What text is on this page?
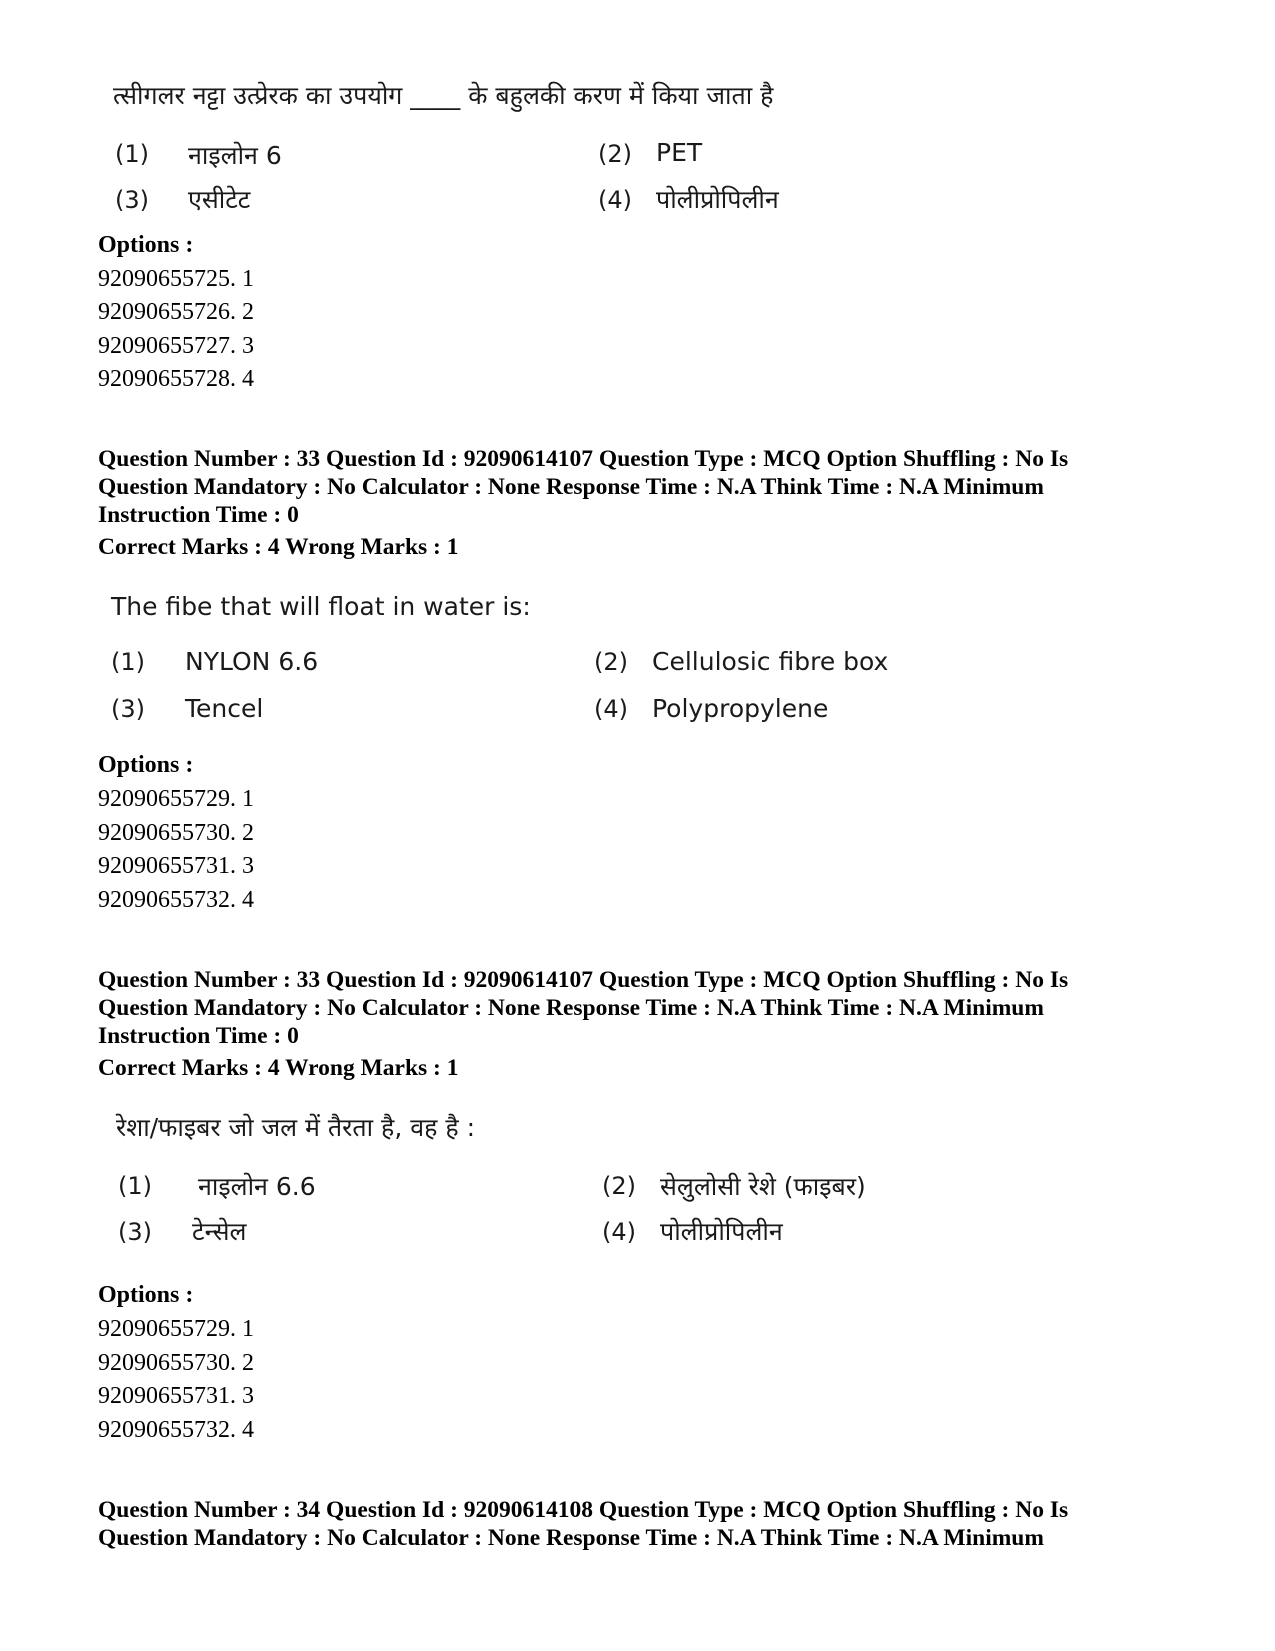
त्सीगलर नट्टा उत्प्रेरक का उपयोग ____ के बहुलकी करण में किया जाता है
(1) नाइलोन 6	(2) PET
(3) एसीटेट	(4) पोलीप्रोपिलीन
Options :
92090655725. 1
92090655726. 2
92090655727. 3
92090655728. 4
Question Number : 33 Question Id : 92090614107 Question Type : MCQ Option Shuffling : No Is
Question Mandatory : No Calculator : None Response Time : N.A Think Time : N.A Minimum
Instruction Time : 0
Correct Marks : 4 Wrong Marks : 1
The fibe that will float in water is:
(1) NYLON 6.6	(2) Cellulosic fibre box
(3) Tencel	(4) Polypropylene
Options :
92090655729. 1
92090655730. 2
92090655731. 3
92090655732. 4
Question Number : 33 Question Id : 92090614107 Question Type : MCQ Option Shuffling : No Is
Question Mandatory : No Calculator : None Response Time : N.A Think Time : N.A Minimum
Instruction Time : 0
Correct Marks : 4 Wrong Marks : 1
रेशा/फाइबर जो जल में तैरता है, वह है :
(1) नाइलोन 6.6	(2) सेलुलोसी रेशे (फाइबर)
(3) टेन्सेल	(4) पोलीप्रोपिलीन
Options :
92090655729. 1
92090655730. 2
92090655731. 3
92090655732. 4
Question Number : 34 Question Id : 92090614108 Question Type : MCQ Option Shuffling : No Is
Question Mandatory : No Calculator : None Response Time : N.A Think Time : N.A Minimum
